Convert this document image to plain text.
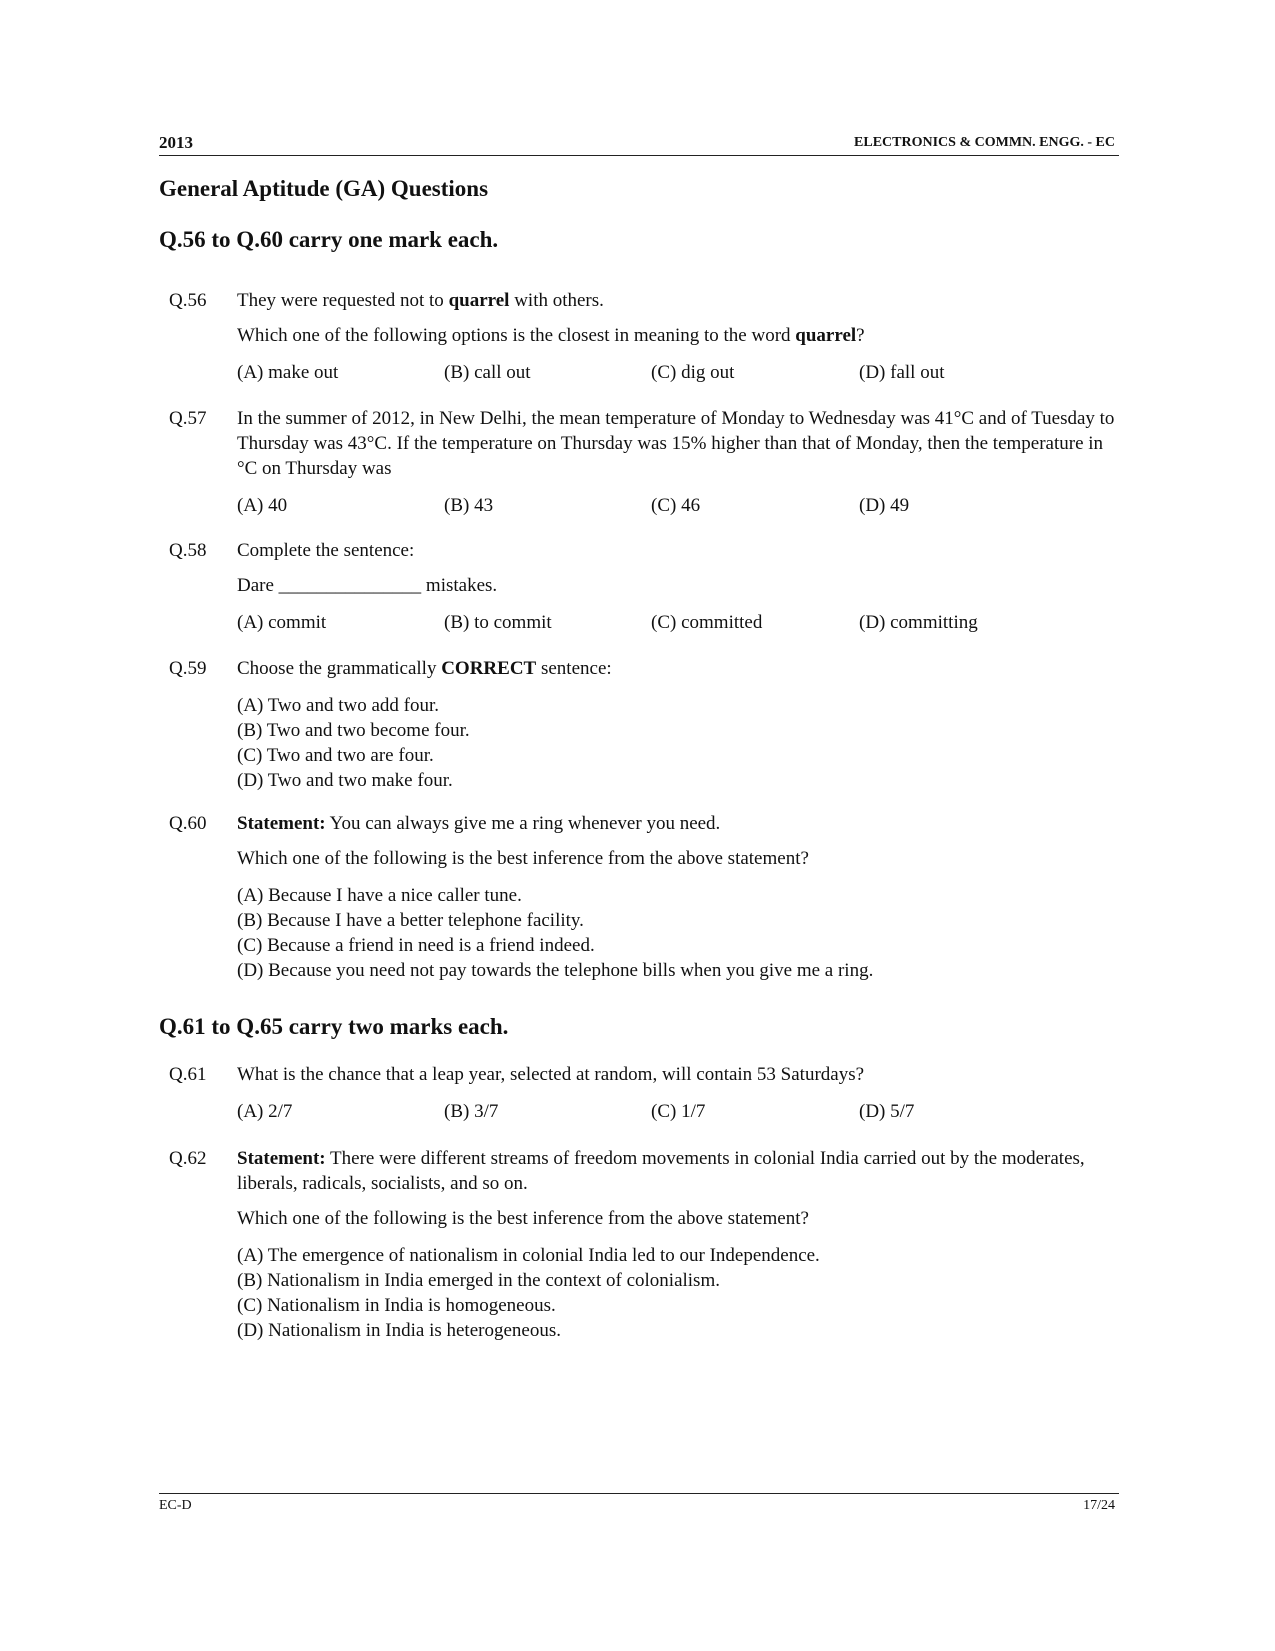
2013	ELECTRONICS & COMMN. ENGG. - EC
General Aptitude (GA) Questions
Q.56 to Q.60 carry one mark each.
Q.56 They were requested not to quarrel with others.

Which one of the following options is the closest in meaning to the word quarrel?

(A) make out	(B) call out	(C) dig out	(D) fall out
Q.57 In the summer of 2012, in New Delhi, the mean temperature of Monday to Wednesday was 41°C and of Tuesday to Thursday was 43°C. If the temperature on Thursday was 15% higher than that of Monday, then the temperature in °C on Thursday was

(A) 40	(B) 43	(C) 46	(D) 49
Q.58 Complete the sentence:

Dare _______________ mistakes.

(A) commit	(B) to commit	(C) committed	(D) committing
Q.59 Choose the grammatically CORRECT sentence:

(A) Two and two add four.
(B) Two and two become four.
(C) Two and two are four.
(D) Two and two make four.
Q.60 Statement: You can always give me a ring whenever you need.

Which one of the following is the best inference from the above statement?

(A) Because I have a nice caller tune.
(B) Because I have a better telephone facility.
(C) Because a friend in need is a friend indeed.
(D) Because you need not pay towards the telephone bills when you give me a ring.
Q.61 to Q.65 carry two marks each.
Q.61 What is the chance that a leap year, selected at random, will contain 53 Saturdays?

(A) 2/7	(B) 3/7	(C) 1/7	(D) 5/7
Q.62 Statement: There were different streams of freedom movements in colonial India carried out by the moderates, liberals, radicals, socialists, and so on.

Which one of the following is the best inference from the above statement?

(A) The emergence of nationalism in colonial India led to our Independence.
(B) Nationalism in India emerged in the context of colonialism.
(C) Nationalism in India is homogeneous.
(D) Nationalism in India is heterogeneous.
EC-D	17/24
